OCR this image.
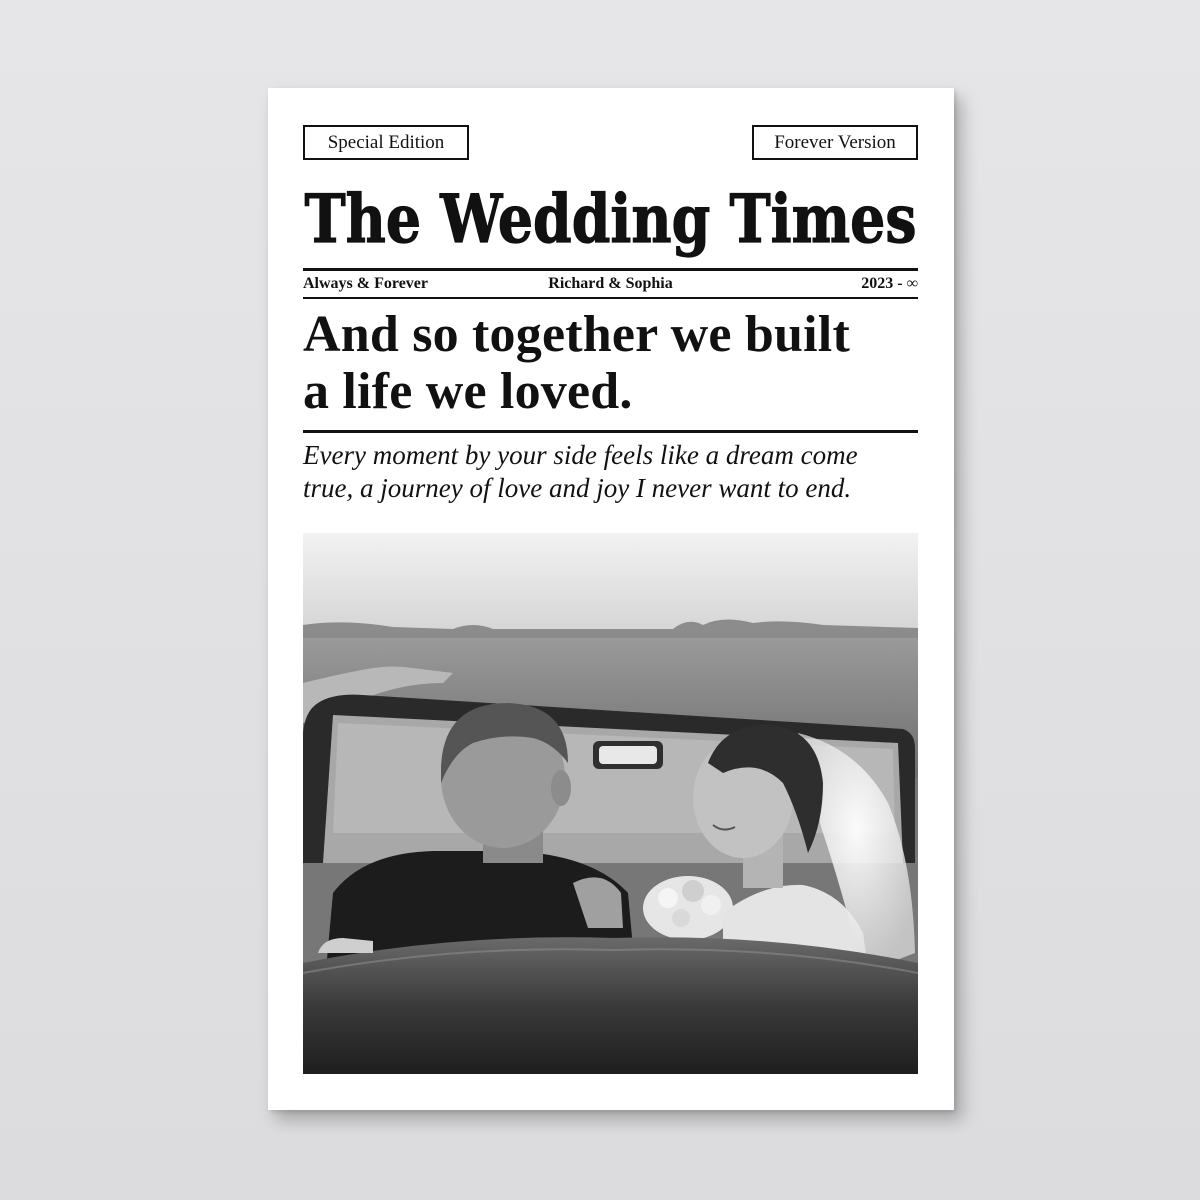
Special Edition	Forever Version
The Wedding Times
Always & Forever	Richard & Sophia	2023 - ∞
And so together we built
a life we loved.
Every moment by your side feels like a dream come
true, a journey of love and joy I never want to end.
